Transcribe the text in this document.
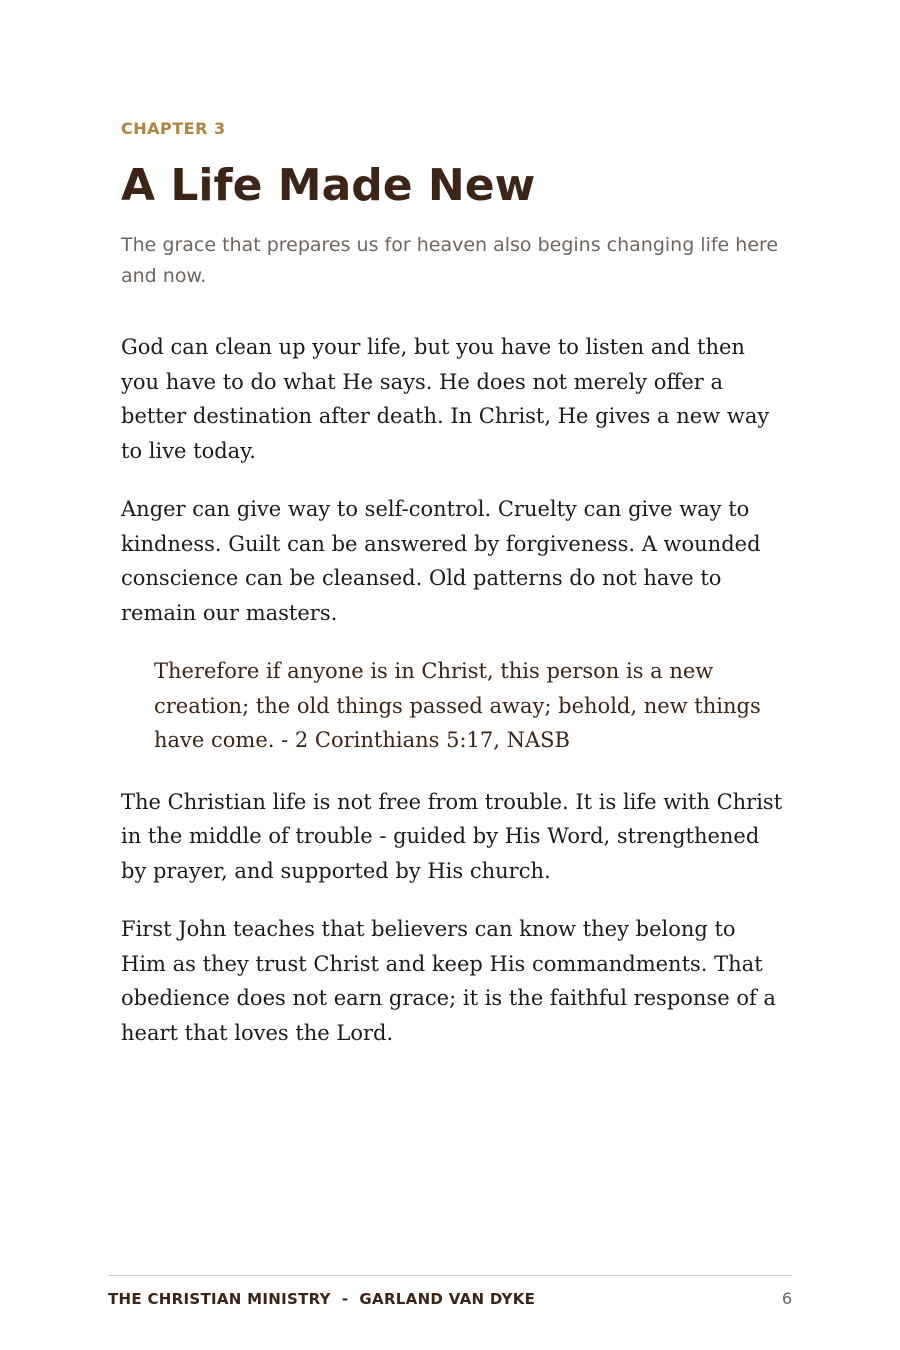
CHAPTER 3
A Life Made New

The grace that prepares us for heaven also begins changing life here and now.

God can clean up your life, but you have to listen and then you have to do what He says. He does not merely offer a better destination after death. In Christ, He gives a new way to live today.

Anger can give way to self-control. Cruelty can give way to kindness. Guilt can be answered by forgiveness. A wounded conscience can be cleansed. Old patterns do not have to remain our masters.

Therefore if anyone is in Christ, this person is a new creation; the old things passed away; behold, new things have come. - 2 Corinthians 5:17, NASB

The Christian life is not free from trouble. It is life with Christ in the middle of trouble - guided by His Word, strengthened by prayer, and supported by His church.

First John teaches that believers can know they belong to Him as they trust Christ and keep His commandments. That obedience does not earn grace; it is the faithful response of a heart that loves the Lord.

THE CHRISTIAN MINISTRY  -  GARLAND VAN DYKE	6
